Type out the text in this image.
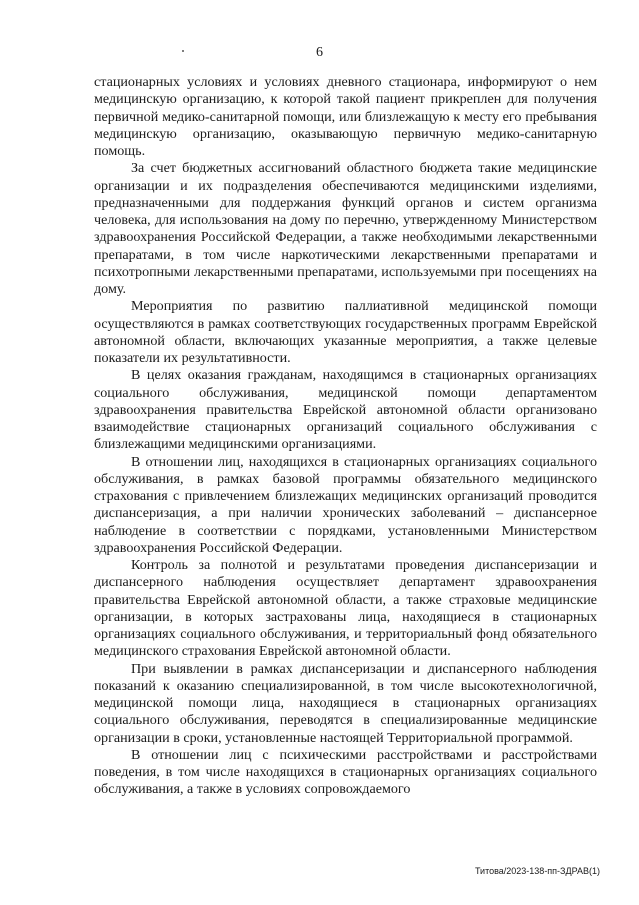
6

стационарных условиях и условиях дневного стационара, информируют о нем медицинскую организацию, к которой такой пациент прикреплен для получения первичной медико-санитарной помощи, или близлежащую к месту его пребывания медицинскую организацию, оказывающую первичную медико-санитарную помощь.

За счет бюджетных ассигнований областного бюджета такие медицинские организации и их подразделения обеспечиваются медицинскими изделиями, предназначенными для поддержания функций органов и систем организма человека, для использования на дому по перечню, утвержденному Министерством здравоохранения Российской Федерации, а также необходимыми лекарственными препаратами, в том числе наркотическими лекарственными препаратами и психотропными лекарственными препаратами, используемыми при посещениях на дому.

Мероприятия по развитию паллиативной медицинской помощи осуществляются в рамках соответствующих государственных программ Еврейской автономной области, включающих указанные мероприятия, а также целевые показатели их результативности.

В целях оказания гражданам, находящимся в стационарных организациях социального обслуживания, медицинской помощи департаментом здравоохранения правительства Еврейской автономной области организовано взаимодействие стационарных организаций социального обслуживания с близлежащими медицинскими организациями.

В отношении лиц, находящихся в стационарных организациях социального обслуживания, в рамках базовой программы обязательного медицинского страхования с привлечением близлежащих медицинских организаций проводится диспансеризация, а при наличии хронических заболеваний – диспансерное наблюдение в соответствии с порядками, установленными Министерством здравоохранения Российской Федерации.

Контроль за полнотой и результатами проведения диспансеризации и диспансерного наблюдения осуществляет департамент здравоохранения правительства Еврейской автономной области, а также страховые медицинские организации, в которых застрахованы лица, находящиеся в стационарных организациях социального обслуживания, и территориальный фонд обязательного медицинского страхования Еврейской автономной области.

При выявлении в рамках диспансеризации и диспансерного наблюдения показаний к оказанию специализированной, в том числе высокотехнологичной, медицинской помощи лица, находящиеся в стационарных организациях социального обслуживания, переводятся в специализированные медицинские организации в сроки, установленные настоящей Территориальной программой.

В отношении лиц с психическими расстройствами и расстройствами поведения, в том числе находящихся в стационарных организациях социального обслуживания, а также в условиях сопровождаемого

Титова/2023-138-пп-ЗДРАВ(1)
